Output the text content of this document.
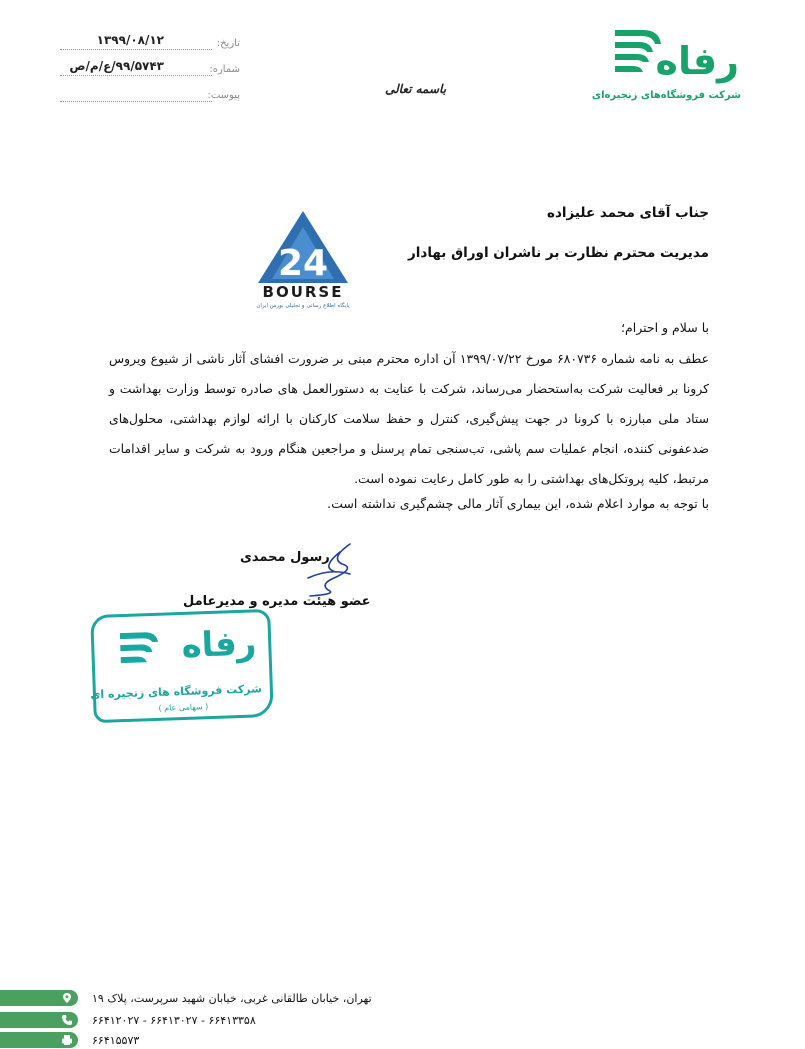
رفاه
شرکت فروشگاه‌های زنجیره‌ای
تاریخ:
۱۳۹۹/۰۸/۱۲
شماره:
۹۹/۵۷۴۳/ع/م/ص
پیوست:	باسمه تعالی
24
BOURSE
پایگاه اطلاع رسانی و تحلیلی بورس ایران
جناب آقای محمد علیزاده
مدیریت محترم نظارت بر ناشران اوراق بهادار
با سلام و احترام؛

عطف به نامه شماره ۶۸۰۷۳۶ مورخ ۱۳۹۹/۰۷/۲۲ آن اداره محترم مبنی بر ضرورت افشای آثار ناشی از شیوع ویروس کرونا بر فعالیت شرکت به‌استحضار می‌رساند، شرکت با عنایت به دستورالعمل های صادره توسط وزارت بهداشت و ستاد ملی مبارزه با کرونا در جهت پیش‌گیری، کنترل و حفظ سلامت کارکنان با ارائه لوازم بهداشتی، محلول‌های ضدعفونی کننده، انجام عملیات سم پاشی، تب‌سنجی تمام پرسنل و مراجعین هنگام ورود به شرکت و سایر اقدامات مرتبط، کلیه پروتکل‌های بهداشتی را به طور کامل رعایت نموده است.

با توجه به موارد اعلام شده، این بیماری آثار مالی چشم‌گیری نداشته است.
رسول محمدی
عضو هیئت مدیره و مدیرعامل
رفاه
شرکت فروشگاه های زنجیره ای
( سهامی عام )
تهران، خیابان طالقانی غربی، خیابان شهید سرپرست، پلاک ۱۹
۶۶۴۱۲۰۲۷ - ۶۶۴۱۳۰۲۷ - ۶۶۴۱۳۳۵۸
۶۶۴۱۵۵۷۳
